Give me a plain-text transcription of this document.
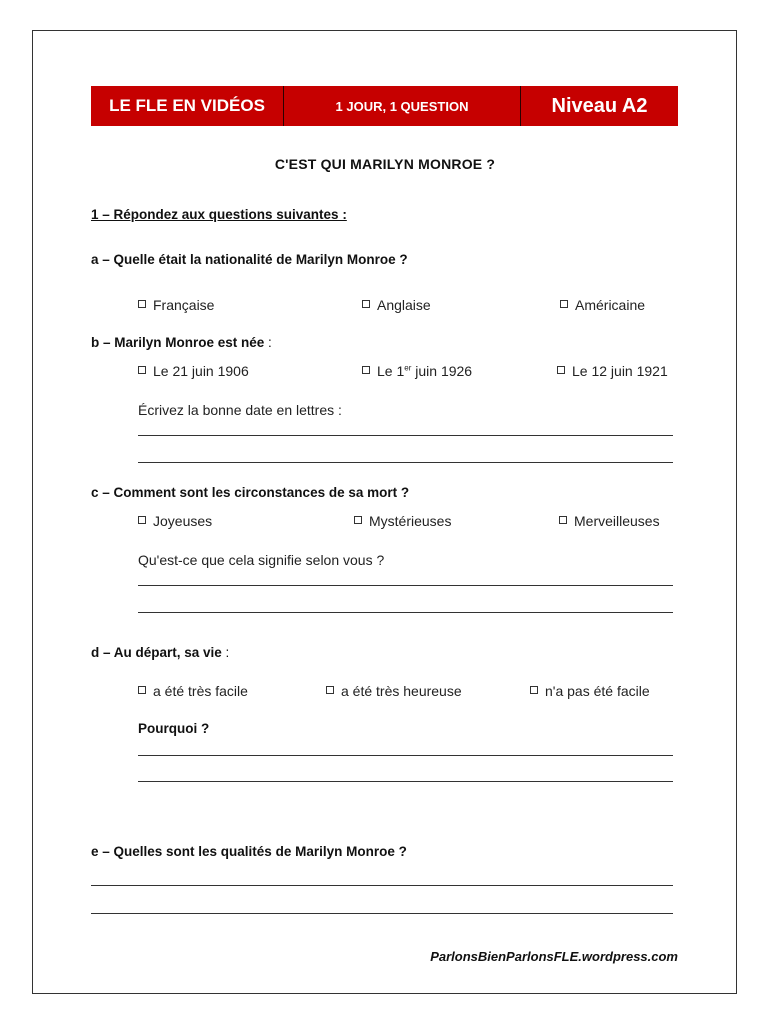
LE FLE EN VIDÉOS	1 JOUR, 1 QUESTION	Niveau A2
C'EST QUI MARILYN MONROE ?
1 – Répondez aux questions suivantes :
a – Quelle était la nationalité de Marilyn Monroe ?
Française	Anglaise	Américaine
b – Marilyn Monroe est née :
Le 21 juin 1906	Le 1er juin 1926	Le 12 juin 1921
Écrivez la bonne date en lettres :
c – Comment sont les circonstances de sa mort ?
Joyeuses	Mystérieuses	Merveilleuses
Qu'est-ce que cela signifie selon vous ?
d – Au départ, sa vie :
a été très facile	a été très heureuse	n'a pas été facile
Pourquoi ?
e – Quelles sont les qualités de Marilyn Monroe ?
ParlonsBienParlonsFLE.wordpress.com
